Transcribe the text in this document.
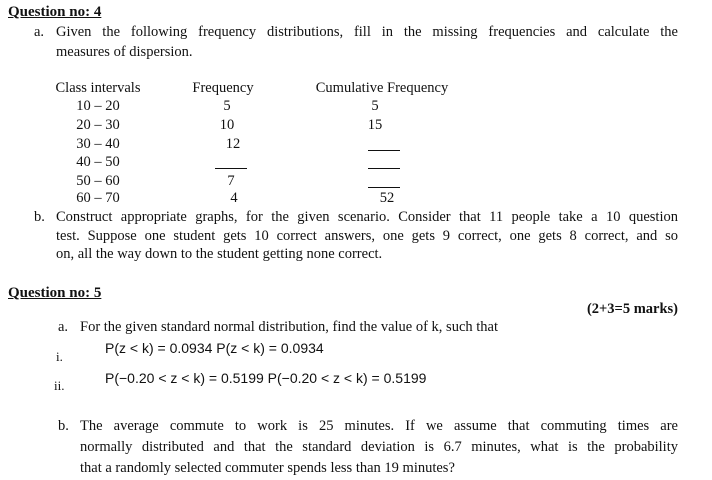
Question no: 4
a. Given the following frequency distributions, fill in the missing frequencies and calculate the
measures of dispersion.
Class intervals	Frequency	Cumulative Frequency
10 – 20	5	5
20 – 30	10	15
30 – 40	12
40 – 50
50 – 60	7
60 – 70	4	52
b. Construct appropriate graphs, for the given scenario. Consider that 11 people take a 10 question
test. Suppose one student gets 10 correct answers, one gets 9 correct, one gets 8 correct, and so
on, all the way down to the student getting none correct.
Question no: 5
(2+3=5 marks)
a. For the given standard normal distribution, find the value of k, such that
i.
P(z < k) = 0.0934 P(z < k) = 0.0934
ii.	P(−0.20 < z < k) = 0.5199 P(−0.20 < z < k) = 0.5199
b. The average commute to work is 25 minutes. If we assume that commuting times are
normally distributed and that the standard deviation is 6.7 minutes, what is the probability
that a randomly selected commuter spends less than 19 minutes?
